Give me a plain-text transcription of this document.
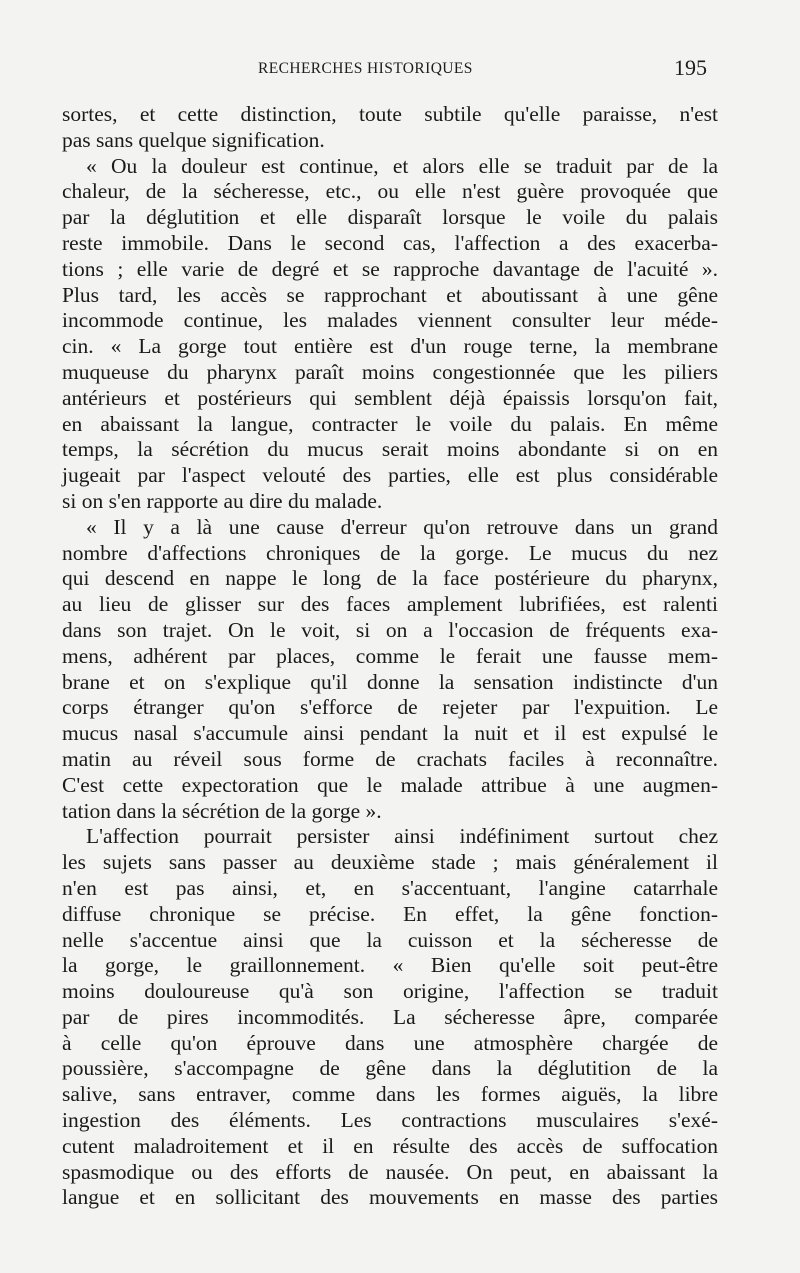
RECHERCHES HISTORIQUES	195
sortes, et cette distinction, toute subtile qu'elle paraisse, n'est
pas sans quelque signification.
« Ou la douleur est continue, et alors elle se traduit par de la
chaleur, de la sécheresse, etc., ou elle n'est guère provoquée que
par la déglutition et elle disparaît lorsque le voile du palais
reste immobile. Dans le second cas, l'affection a des exacerba-
tions ; elle varie de degré et se rapproche davantage de l'acuité ».
Plus tard, les accès se rapprochant et aboutissant à une gêne
incommode continue, les malades viennent consulter leur méde-
cin. « La gorge tout entière est d'un rouge terne, la membrane
muqueuse du pharynx paraît moins congestionnée que les piliers
antérieurs et postérieurs qui semblent déjà épaissis lorsqu'on fait,
en abaissant la langue, contracter le voile du palais. En même
temps, la sécrétion du mucus serait moins abondante si on en
jugeait par l'aspect velouté des parties, elle est plus considérable
si on s'en rapporte au dire du malade.
« Il y a là une cause d'erreur qu'on retrouve dans un grand
nombre d'affections chroniques de la gorge. Le mucus du nez
qui descend en nappe le long de la face postérieure du pharynx,
au lieu de glisser sur des faces amplement lubrifiées, est ralenti
dans son trajet. On le voit, si on a l'occasion de fréquents exa-
mens, adhérent par places, comme le ferait une fausse mem-
brane et on s'explique qu'il donne la sensation indistincte d'un
corps étranger qu'on s'efforce de rejeter par l'expuition. Le
mucus nasal s'accumule ainsi pendant la nuit et il est expulsé le
matin au réveil sous forme de crachats faciles à reconnaître.
C'est cette expectoration que le malade attribue à une augmen-
tation dans la sécrétion de la gorge ».
L'affection pourrait persister ainsi indéfiniment surtout chez
les sujets sans passer au deuxième stade ; mais généralement il
n'en est pas ainsi, et, en s'accentuant, l'angine catarrhale
diffuse chronique se précise. En effet, la gêne fonction-
nelle s'accentue ainsi que la cuisson et la sécheresse de
la gorge, le graillonnement. « Bien qu'elle soit peut-être
moins douloureuse qu'à son origine, l'affection se traduit
par de pires incommodités. La sécheresse âpre, comparée
à celle qu'on éprouve dans une atmosphère chargée de
poussière, s'accompagne de gêne dans la déglutition de la
salive, sans entraver, comme dans les formes aiguës, la libre
ingestion des éléments. Les contractions musculaires s'exé-
cutent maladroitement et il en résulte des accès de suffocation
spasmodique ou des efforts de nausée. On peut, en abaissant la
langue et en sollicitant des mouvements en masse des parties
